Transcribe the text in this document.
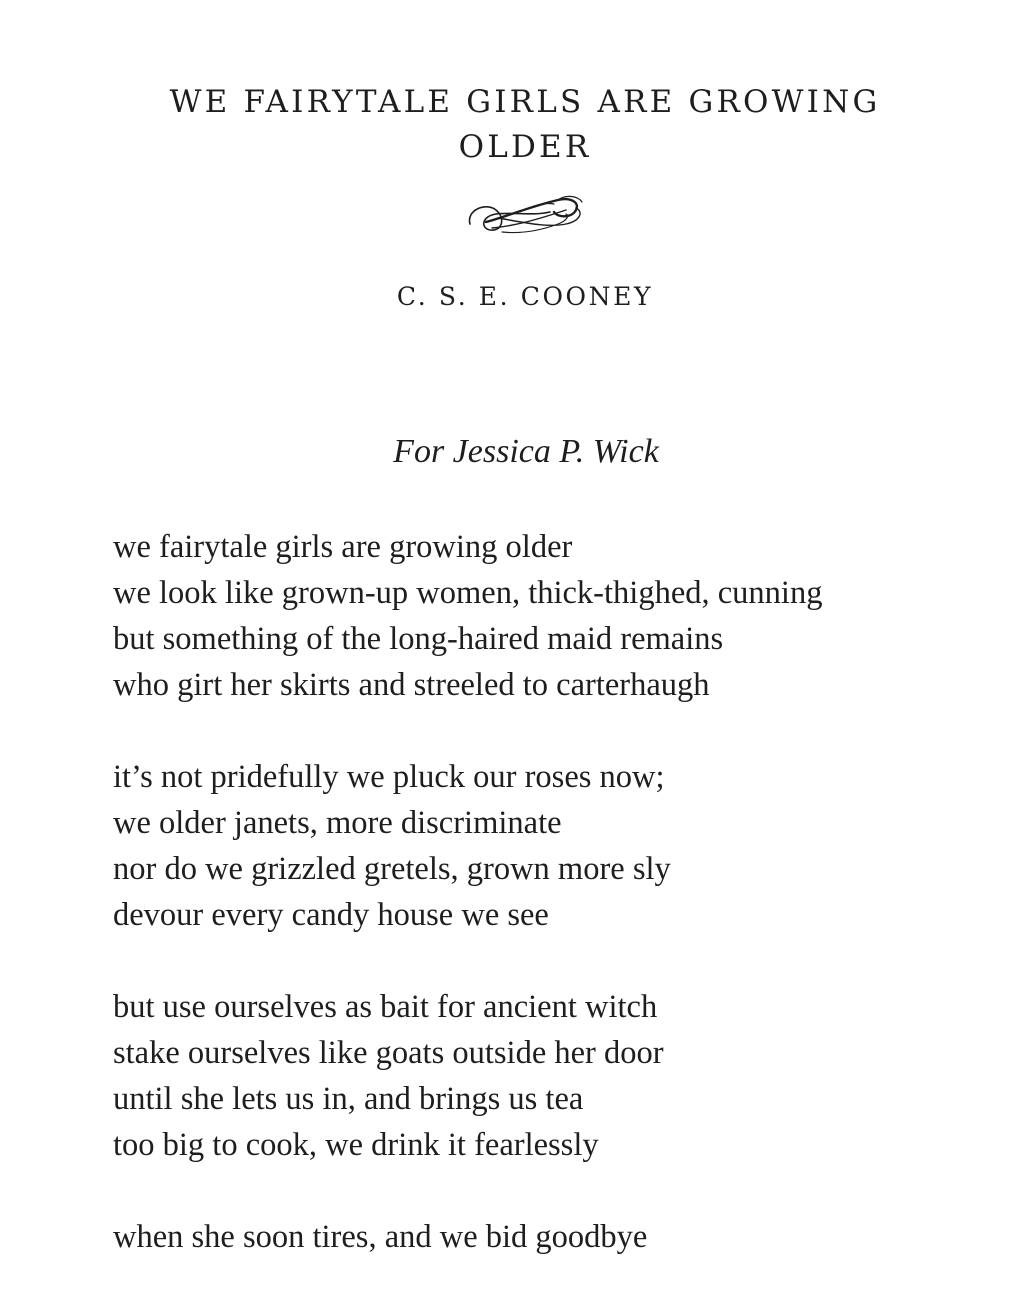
WE FAIRYTALE GIRLS ARE GROWING
OLDER
C. S. E. COONEY
For Jessica P. Wick
we fairytale girls are growing older
we look like grown-up women, thick-thighed, cunning
but something of the long-haired maid remains
who girt her skirts and streeled to carterhaugh
it’s not pridefully we pluck our roses now;
we older janets, more discriminate
nor do we grizzled gretels, grown more sly
devour every candy house we see
but use ourselves as bait for ancient witch
stake ourselves like goats outside her door
until she lets us in, and brings us tea
too big to cook, we drink it fearlessly
when she soon tires, and we bid goodbye
